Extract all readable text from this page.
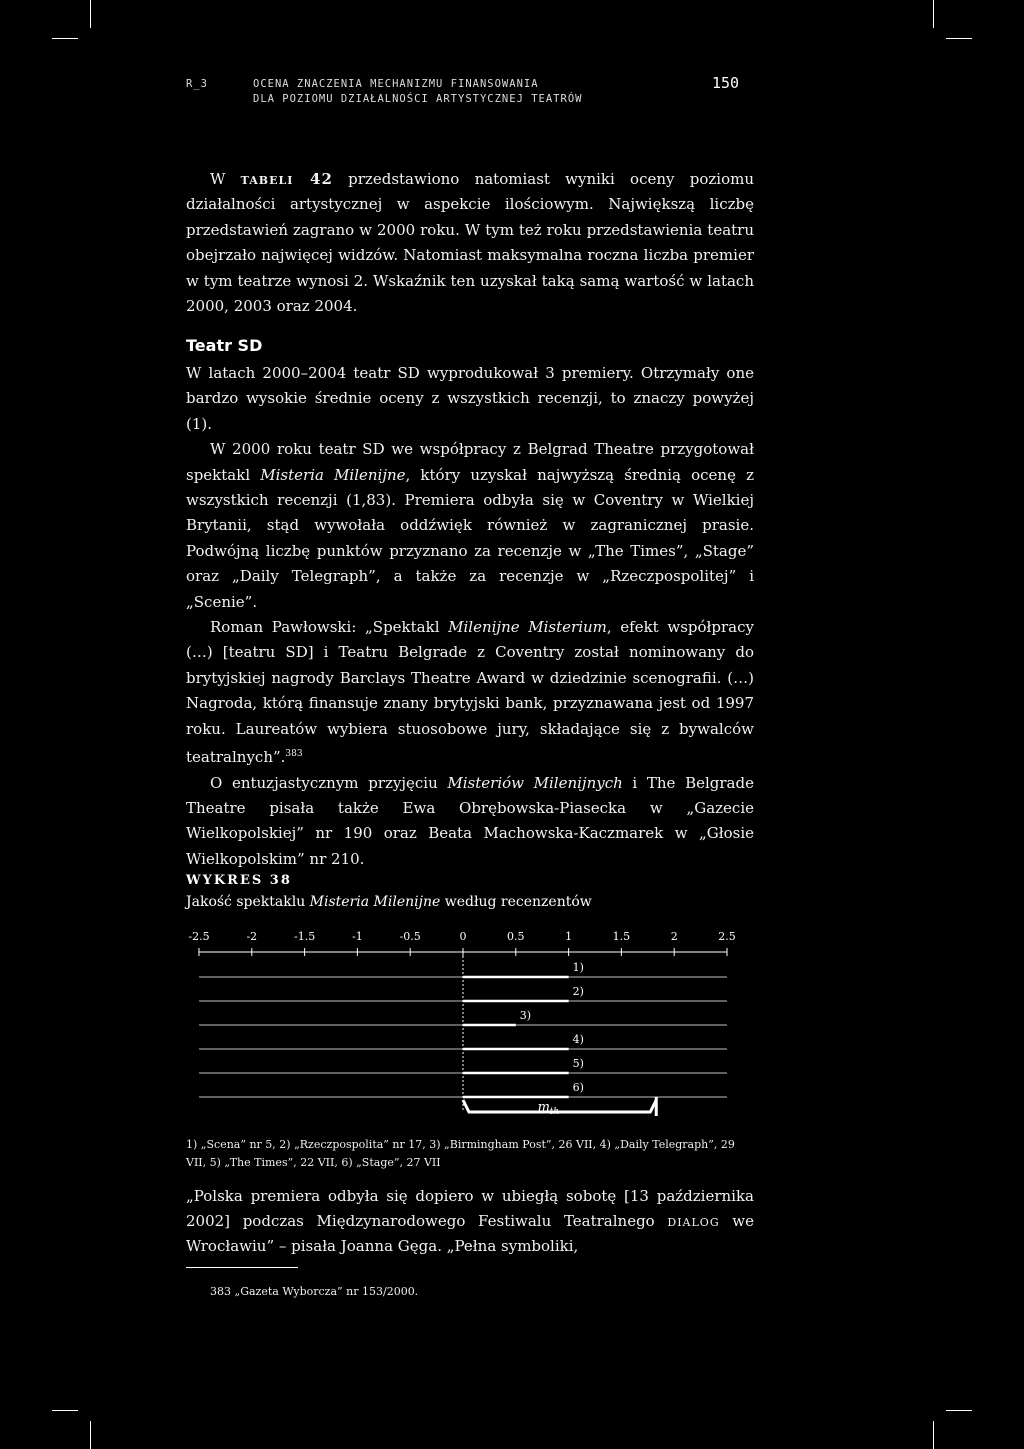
R_3	OCENA ZNACZENIA MECHANIZMU FINANSOWANIA
DLA POZIOMU DZIAŁALNOŚCI ARTYSTYCZNEJ TEATRÓW
150

W tabeli 42 przedstawiono natomiast wyniki oceny poziomu działalności artystycznej w aspekcie ilościowym. Największą liczbę przedstawień zagrano w 2000 roku. W tym też roku przedstawienia teatru obejrzało najwięcej widzów. Natomiast maksymalna roczna liczba premier w tym teatrze wynosi 2. Wskaźnik ten uzyskał taką samą wartość w latach 2000, 2003 oraz 2004.

Teatr SD

W latach 2000–2004 teatr SD wyprodukował 3 premiery. Otrzymały one bardzo wysokie średnie oceny z wszystkich recenzji, to znaczy powyżej (1).

W 2000 roku teatr SD we współpracy z Belgrad Theatre przygotował spektakl Misteria Milenijne, który uzyskał najwyższą średnią ocenę z wszystkich recenzji (1,83). Premiera odbyła się w Coventry w Wielkiej Brytanii, stąd wywołała oddźwięk również w zagranicznej prasie. Podwójną liczbę punktów przyznano za recenzje w „The Times”, „Stage” oraz „Daily Telegraph”, a także za recenzje w „Rzeczpospolitej” i „Scenie”.

Roman Pawłowski: „Spektakl Milenijne Misterium, efekt współpracy (…) [teatru SD] i Teatru Belgrade z Coventry został nominowany do brytyjskiej nagrody Barclays Theatre Award w dziedzinie scenografii. (…) Nagroda, którą finansuje znany brytyjski bank, przyznawana jest od 1997 roku. Laureatów wybiera stuosobowe jury, składające się z bywalców teatralnych”.$^{383}$

O entuzjastycznym przyjęciu Misteriów Milenijnych i The Belgrade Theatre pisała także Ewa Obrębowska-Piasecka w „Gazecie Wielkopolskiej” nr 190 oraz Beata Machowska-Kaczmarek w „Głosie Wielkopolskim” nr 210.

WYKRES 38
Jakość spektaklu Misteria Milenijne według recenzentów
-2.5	-2	-1.5	-1	-0.5	0	0.5	1	1.5	2	2.5
1)
2)
3)
4)
5)
6)
m th
1) „Scena” nr 5, 2) „Rzeczpospolita” nr 17, 3) „Birmingham Post”, 26 VII, 4) „Daily Telegraph”, 29 VII, 5) „The Times”, 22 VII, 6) „Stage”, 27 VII
„Polska premiera odbyła się dopiero w ubiegłą sobotę [13 października 2002] podczas Międzynarodowego Festiwalu Teatralnego dialog we Wrocławiu” – pisała Joanna Gęga. „Pełna symboliki,
383 „Gazeta Wyborcza” nr 153/2000.
